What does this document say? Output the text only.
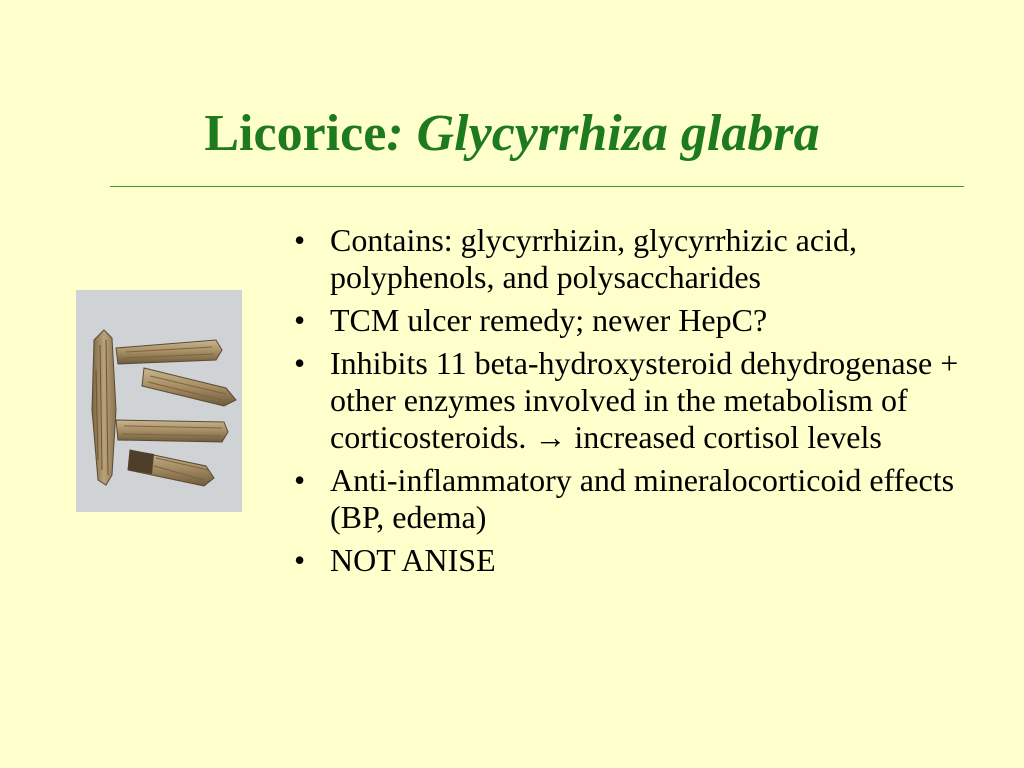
Licorice: Glycyrrhiza glabra
• Contains: glycyrrhizin, glycyrrhizic acid, polyphenols, and polysaccharides
• TCM ulcer remedy; newer HepC?
• Inhibits 11 beta-hydroxysteroid dehydrogenase + other enzymes involved in the metabolism of corticosteroids. → increased cortisol levels
• Anti-inflammatory and mineralocorticoid effects (BP, edema)
• NOT ANISE
